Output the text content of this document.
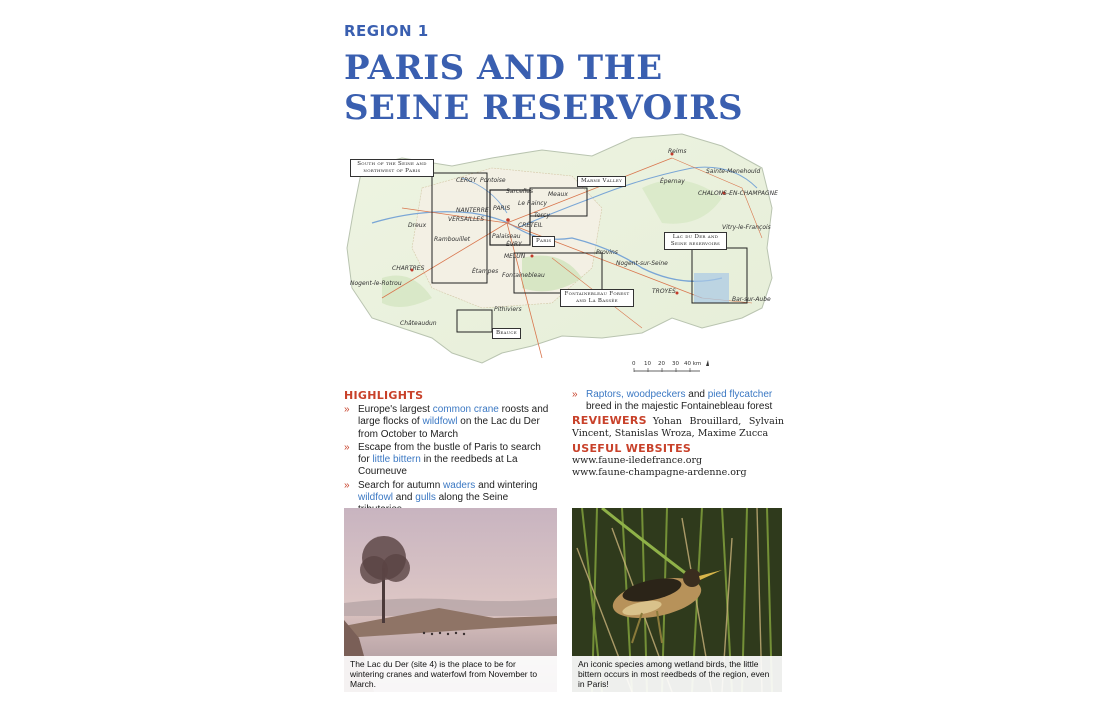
REGION 1
PARIS AND THE
SEINE RESERVOIRS
South of the Seine and northwest of Paris
Marne Valley
Paris
Lac du Der and Seine reservoirs
Fontainebleau Forest and La Bassée
Beauce
Reims
Épernay
Sainte-Menehould
CHALONS-EN-CHAMPAGNE
Vitry-le-François
CERGY Pontoise
Sarcelles Meaux
NANTERRE PARIS
Le Raincy
VERSAILLES
Torcy
CRÉTEIL
Palaiseau
ÉVRY
Dreux
Rambouillet
MELUN
Provins
Nogent-sur-Seine
CHARTRES	Étampes
Fontainebleau
TROYES
Nogent-le-Rotrou
Bar-sur-Aube
Pithiviers
Châteaudun
0 10 20 30 40 km

HIGHLIGHTS

» Europe's largest common crane roosts and large flocks of wildfowl on the Lac du Der from October to March
» Escape from the bustle of Paris to search for little bittern in the reedbeds at La Courneuve
» Search for autumn waders and wintering wildfowl and gulls along the Seine
» Raptors, woodpeckers and pied flycatcher breed in the majestic Fontainebleau forest
REVIEWERS Yohan Brouillard, Sylvain Vincent, Stanislas Wroza, Maxime Zucca

USEFUL WEBSITES

www.faune-iledefrance.org
www.faune-champagne-ardenne.org
The Lac du Der (site 4) is the place to be for wintering cranes and waterfowl from November to March.
An iconic species among wetland birds, the little bittern occurs in most reedbeds of the region, even in Paris!
